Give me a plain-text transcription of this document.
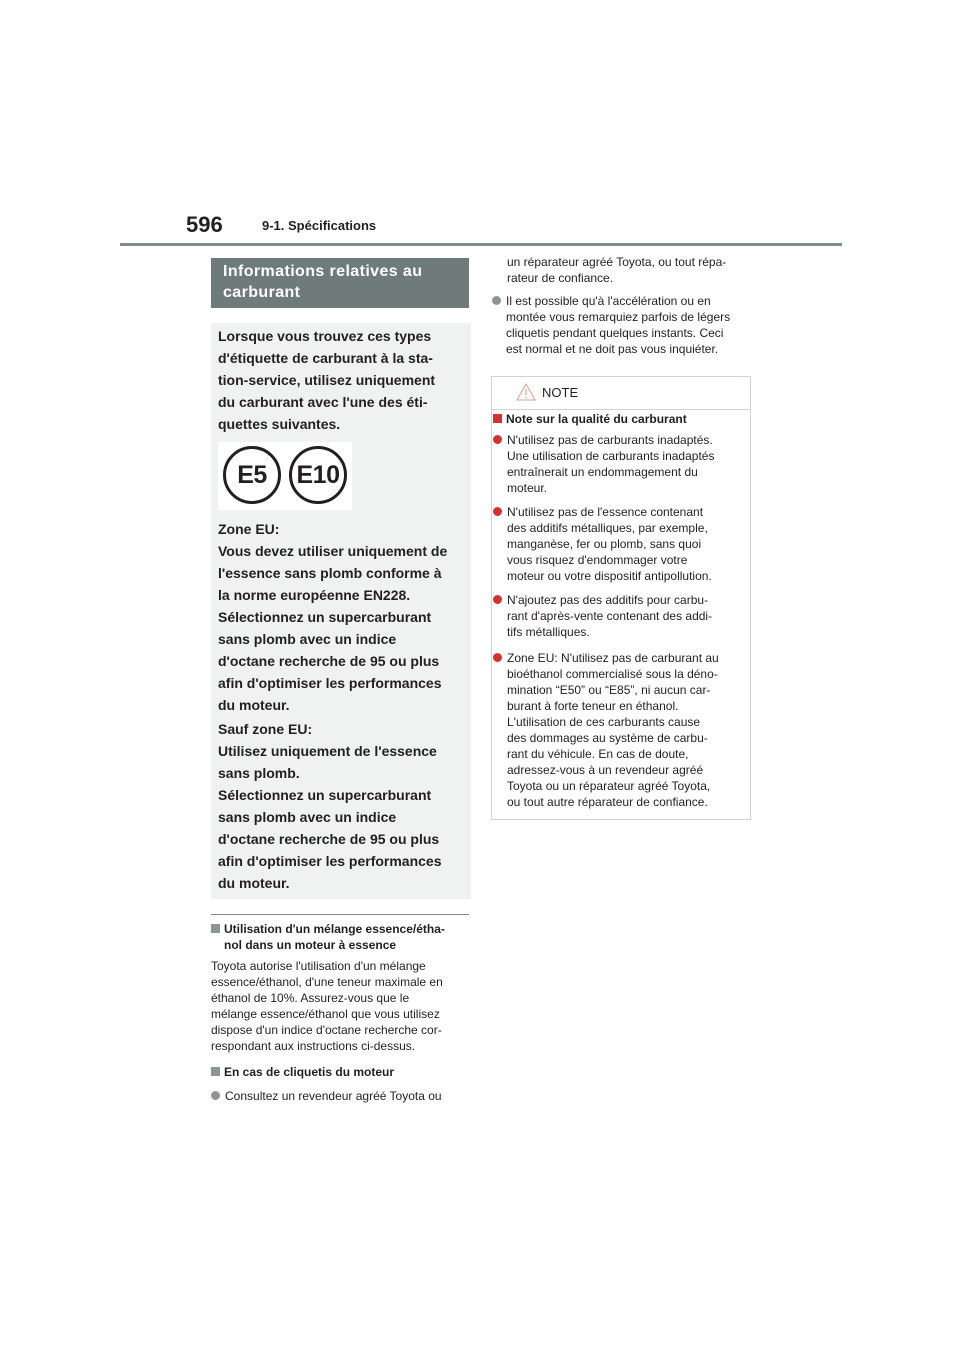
596	9-1. Spécifications
Informations relatives au carburant
Lorsque vous trouvez ces types
d'étiquette de carburant à la sta-
tion-service, utilisez uniquement
du carburant avec l'une des éti-
quettes suivantes.
E5	E10
Zone EU:
Vous devez utiliser uniquement de
l'essence sans plomb conforme à
la norme européenne EN228.
Sélectionnez un supercarburant
sans plomb avec un indice
d'octane recherche de 95 ou plus
afin d'optimiser les performances
du moteur.
Sauf zone EU:
Utilisez uniquement de l'essence
sans plomb.
Sélectionnez un supercarburant
sans plomb avec un indice
d'octane recherche de 95 ou plus
afin d'optimiser les performances
du moteur.
Utilisation d'un mélange essence/étha-
nol dans un moteur à essence
Toyota autorise l'utilisation d'un mélange
essence/éthanol, d'une teneur maximale en
éthanol de 10%. Assurez-vous que le
mélange essence/éthanol que vous utilisez
dispose d'un indice d'octane recherche cor-
respondant aux instructions ci-dessus.
En cas de cliquetis du moteur
Consultez un revendeur agréé Toyota ou
un réparateur agréé Toyota, ou tout répa-
rateur de confiance.
Il est possible qu'à l'accélération ou en
montée vous remarquiez parfois de légers
cliquetis pendant quelques instants. Ceci
est normal et ne doit pas vous inquiéter.
NOTE
Note sur la qualité du carburant
N'utilisez pas de carburants inadaptés.
Une utilisation de carburants inadaptés
entraînerait un endommagement du
moteur.
N'utilisez pas de l'essence contenant
des additifs métalliques, par exemple,
manganèse, fer ou plomb, sans quoi
vous risquez d'endommager votre
moteur ou votre dispositif antipollution.
N'ajoutez pas des additifs pour carbu-
rant d'après-vente contenant des addi-
tifs métalliques.
Zone EU: N'utilisez pas de carburant au
bioéthanol commercialisé sous la déno-
mination “E50” ou “E85”, ni aucun car-
burant à forte teneur en éthanol.
L'utilisation de ces carburants cause
des dommages au système de carbu-
rant du véhicule. En cas de doute,
adressez-vous à un revendeur agréé
Toyota ou un réparateur agréé Toyota,
ou tout autre réparateur de confiance.
